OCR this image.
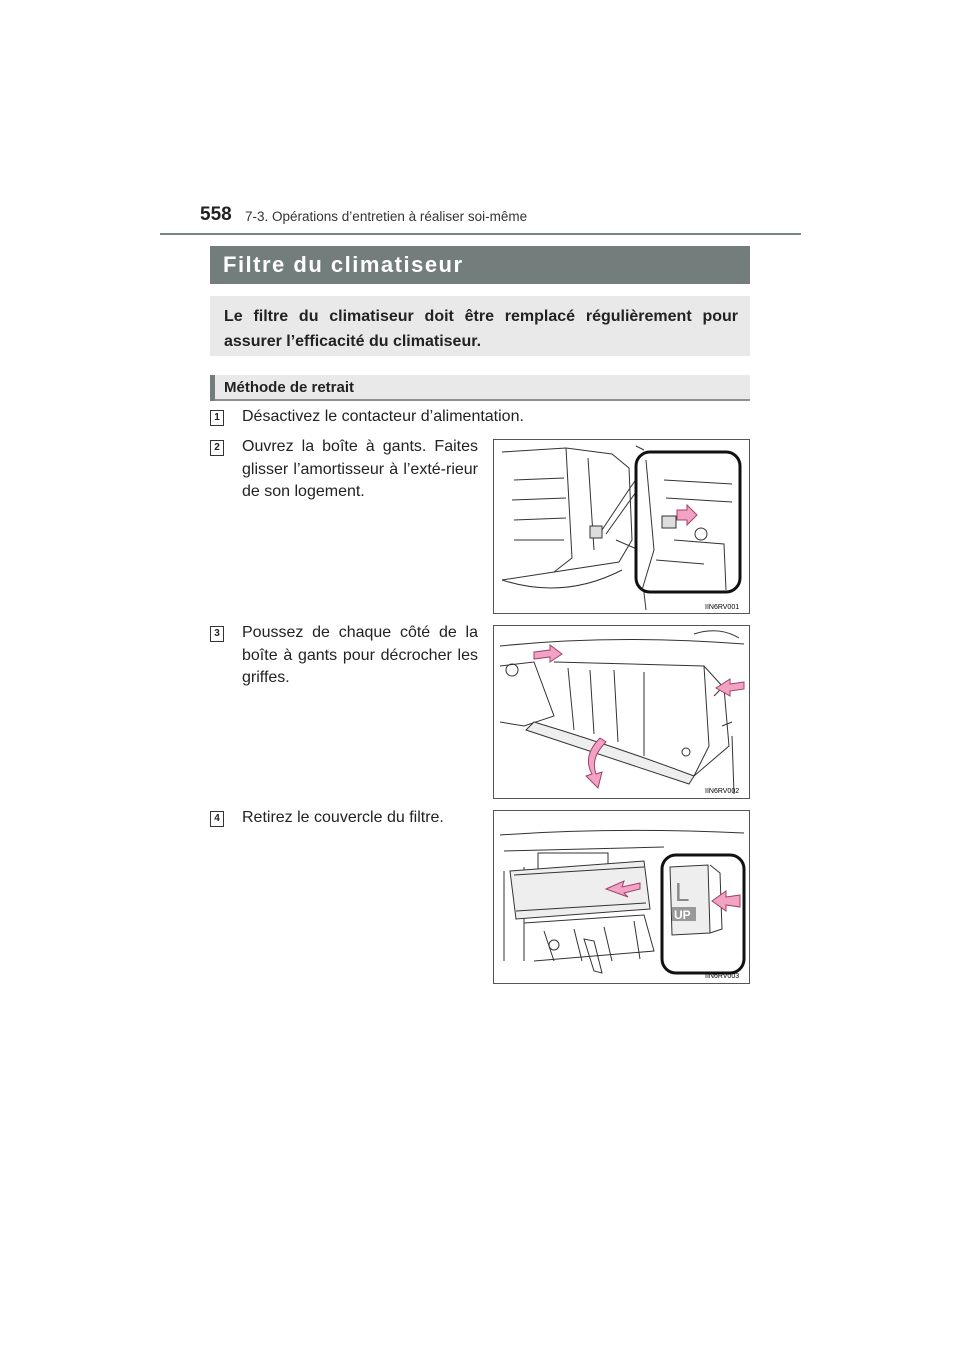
558 7-3. Opérations d’entretien à réaliser soi-même
Filtre du climatiseur
Le filtre du climatiseur doit être remplacé régulièrement pour assurer l’efficacité du climatiseur.
Méthode de retrait
1 Désactivez le contacteur d’alimentation.
2 Ouvrez la boîte à gants. Faites glisser l’amortisseur à l’exté-rieur de son logement.
IIN6RV001
3 Poussez de chaque côté de la boîte à gants pour décrocher les griffes.
IIN6RV002
4 Retirez le couvercle du filtre.
L
UP
IIN6RV003
